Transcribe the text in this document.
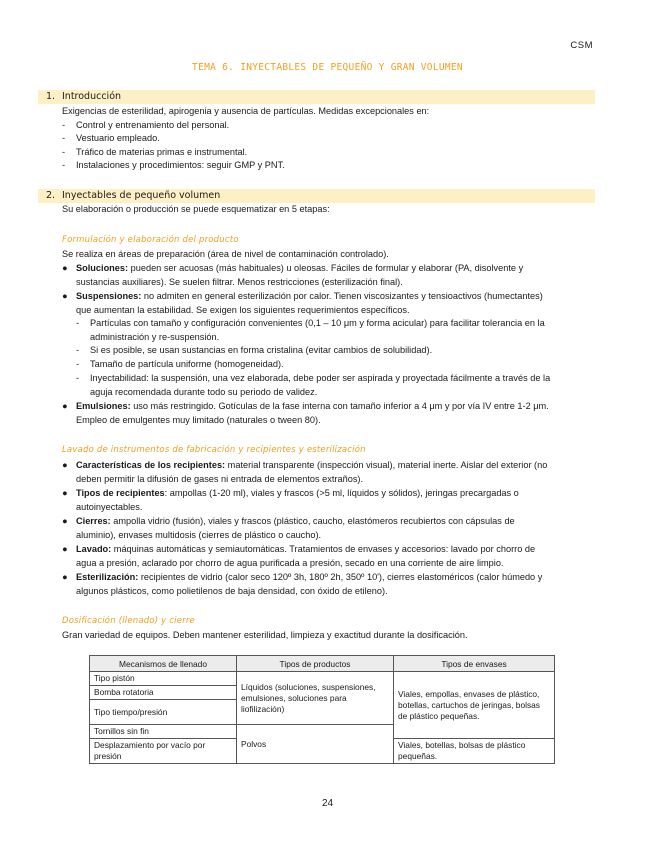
CSM
TEMA 6. INYECTABLES DE PEQUEÑO Y GRAN VOLUMEN
1. Introducción
Exigencias de esterilidad, apirogenia y ausencia de partículas. Medidas excepcionales en:
- Control y entrenamiento del personal.
- Vestuario empleado.
- Tráfico de materias primas e instrumental.
- Instalaciones y procedimientos: seguir GMP y PNT.
2. Inyectables de pequeño volumen
Su elaboración o producción se puede esquematizar en 5 etapas:
Formulación y elaboración del producto
Se realiza en áreas de preparación (área de nivel de contaminación controlado).
● Soluciones: pueden ser acuosas (más habituales) u oleosas. Fáciles de formular y elaborar (PA, disolvente y
sustancias auxiliares). Se suelen filtrar. Menos restricciones (esterilización final).
● Suspensiones: no admiten en general esterilización por calor. Tienen viscosizantes y tensioactivos (humectantes)
que aumentan la estabilidad. Se exigen los siguientes requerimientos específicos.
- Partículas con tamaño y configuración convenientes (0,1 – 10 μm y forma acicular) para facilitar tolerancia en la
administración y re-suspensión.
- Si es posible, se usan sustancias en forma cristalina (evitar cambios de solubilidad).
- Tamaño de partícula uniforme (homogeneidad).
- Inyectabilidad: la suspensión, una vez elaborada, debe poder ser aspirada y proyectada fácilmente a través de la
aguja recomendada durante todo su periodo de validez.
● Emulsiones: uso más restringido. Gotículas de la fase interna con tamaño inferior a 4 μm y por vía IV entre 1-2 μm.
Empleo de emulgentes muy limitado (naturales o tween 80).
Lavado de instrumentos de fabricación y recipientes y esterilización
● Características de los recipientes: material transparente (inspección visual), material inerte. Aislar del exterior (no
deben permitir la difusión de gases ni entrada de elementos extraños).
● Tipos de recipientes: ampollas (1-20 ml), viales y frascos (>5 ml, líquidos y sólidos), jeringas precargadas o
autoinyectables.
● Cierres: ampolla vidrio (fusión), viales y frascos (plástico, caucho, elastómeros recubiertos con cápsulas de
aluminio), envases multidosis (cierres de plástico o caucho).
● Lavado: máquinas automáticas y semiautomáticas. Tratamientos de envases y accesorios: lavado por chorro de
agua a presión, aclarado por chorro de agua purificada a presión, secado en una corriente de aire limpio.
● Esterilización: recipientes de vidrio (calor seco 120º 3h, 180º 2h, 350º 10'), cierres elastoméricos (calor húmedo y
algunos plásticos, como polietilenos de baja densidad, con óxido de etileno).
Dosificación (llenado) y cierre
Gran variedad de equipos. Deben mantener esterilidad, limpieza y exactitud durante la dosificación.
Mecanismos de llenado	Tipos de productos	Tipos de envases
Tipo pistón	Líquidos (soluciones, suspensiones, emulsiones, soluciones para liofilización)	Viales, empollas, envases de plástico, botellas, cartuchos de jeringas, bolsas de plástico pequeñas.
Bomba rotatoria		
Tipo tiempo/presión		
Tornillos sin fin	Polvos	
Desplazamiento por vacío por presión		Viales, botellas, bolsas de plástico pequeñas.
24
